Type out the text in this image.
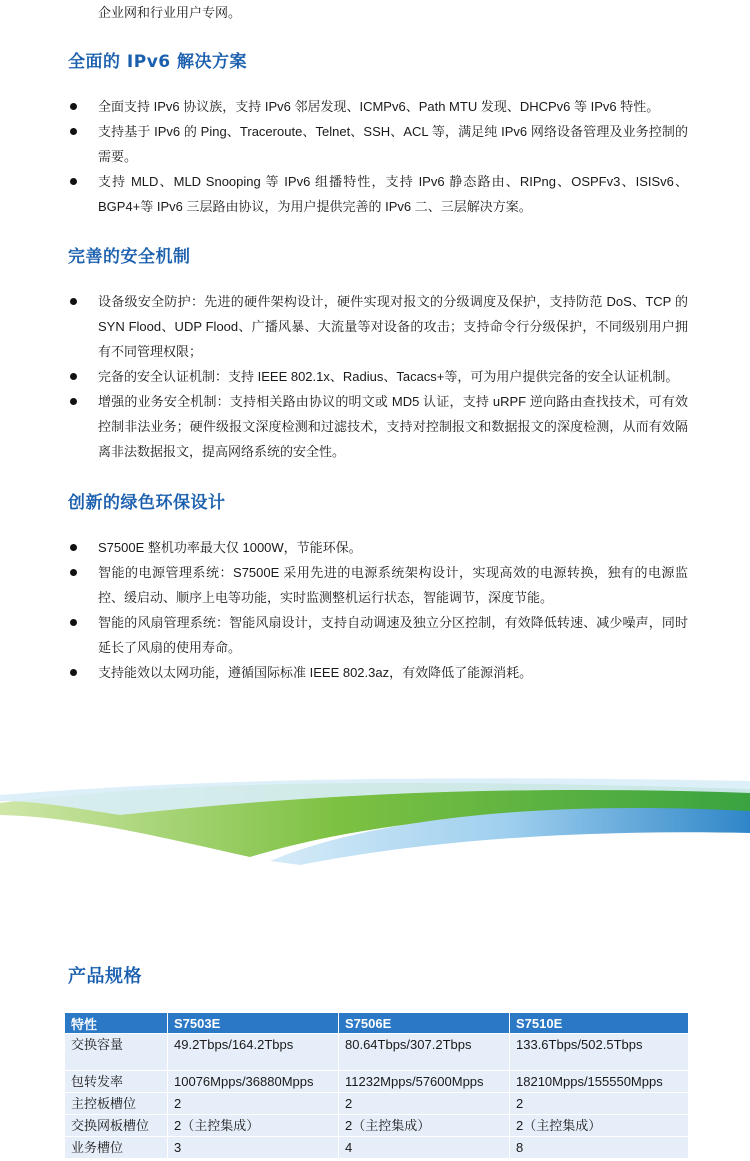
企业网和行业用户专网。
全面的 IPv6 解决方案
全面支持 IPv6 协议族，支持 IPv6 邻居发现、ICMPv6、Path MTU 发现、DHCPv6 等 IPv6 特性。
支持基于 IPv6 的 Ping、Traceroute、Telnet、SSH、ACL 等，满足纯 IPv6 网络设备管理及业务控制的需要。
支持 MLD、MLD Snooping 等 IPv6 组播特性，支持 IPv6 静态路由、RIPng、OSPFv3、ISISv6、BGP4+等 IPv6 三层路由协议，为用户提供完善的 IPv6 二、三层解决方案。
完善的安全机制
设备级安全防护：先进的硬件架构设计，硬件实现对报文的分级调度及保护，支持防范 DoS、TCP 的 SYN Flood、UDP Flood、广播风暴、大流量等对设备的攻击；支持命令行分级保护，不同级别用户拥有不同管理权限；
完备的安全认证机制：支持 IEEE 802.1x、Radius、Tacacs+等，可为用户提供完备的安全认证机制。
增强的业务安全机制：支持相关路由协议的明文或 MD5 认证，支持 uRPF 逆向路由查找技术，可有效控制非法业务；硬件级报文深度检测和过滤技术，支持对控制报文和数据报文的深度检测，从而有效隔离非法数据报文，提高网络系统的安全性。
创新的绿色环保设计
S7500E 整机功率最大仅 1000W，节能环保。
智能的电源管理系统：S7500E 采用先进的电源系统架构设计，实现高效的电源转换，独有的电源监控、缓启动、顺序上电等功能，实时监测整机运行状态，智能调节，深度节能。
智能的风扇管理系统：智能风扇设计，支持自动调速及独立分区控制，有效降低转速、减少噪声，同时延长了风扇的使用寿命。
支持能效以太网功能，遵循国际标准 IEEE 802.3az，有效降低了能源消耗。
产品规格
特性	S7503E	S7506E	S7510E
交换容量	49.2Tbps/164.2Tbps	80.64Tbps/307.2Tbps	133.6Tbps/502.5Tbps
包转发率	10076Mpps/36880Mpps	11232Mpps/57600Mpps	18210Mpps/155550Mpps
主控板槽位	2	2	2
交换网板槽位	2（主控集成）	2（主控集成）	2（主控集成）
业务槽位	3	4	8
